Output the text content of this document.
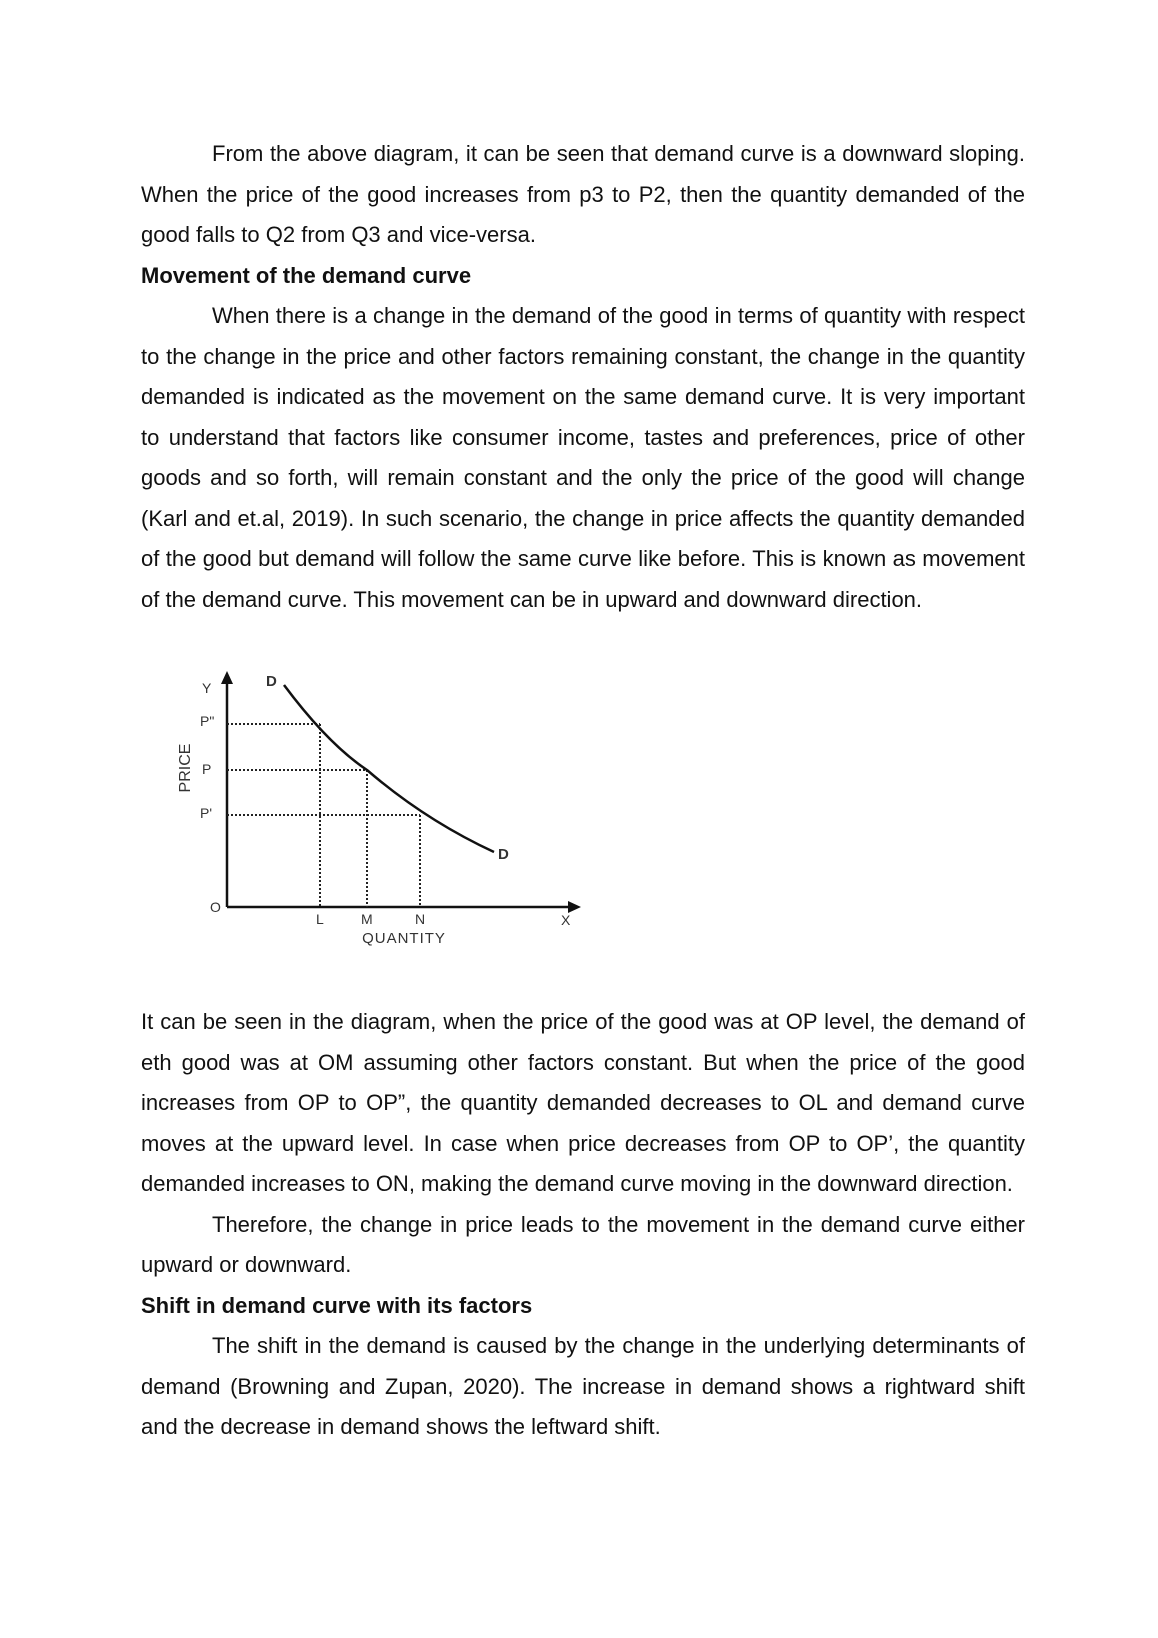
From the above diagram, it can be seen that demand curve is a downward sloping. When the price of the good increases from p3 to P2, then the quantity demanded of the good falls to Q2 from Q3 and vice-versa.

Movement of the demand curve

When there is a change in the demand of the good in terms of quantity with respect to the change in the price and other factors remaining constant, the change in the quantity demanded is indicated as the movement on the same demand curve. It is very important to understand that factors like consumer income, tastes and preferences, price of other goods and so forth, will remain constant and the only the price of the good will change (Karl and et.al, 2019). In such scenario, the change in price affects the quantity demanded of the good but demand will follow the same curve like before. This is known as movement of the demand curve. This movement can be in upward and downward direction.

Y
O
X
P"
P
P'
PRICE
D
D
L	M	N
QUANTITY

It can be seen in the diagram, when the price of the good was at OP level, the demand of eth good was at OM assuming other factors constant. But when the price of the good increases from OP to OP”, the quantity demanded decreases to OL and demand curve moves at the upward level. In case when price decreases from OP to OP’, the quantity demanded increases to ON, making the demand curve moving in the downward direction.

Therefore, the change in price leads to the movement in the demand curve either upward or downward.

Shift in demand curve with its factors

The shift in the demand is caused by the change in the underlying determinants of demand (Browning and Zupan, 2020). The increase in demand shows a rightward shift and the decrease in demand shows the leftward shift.
